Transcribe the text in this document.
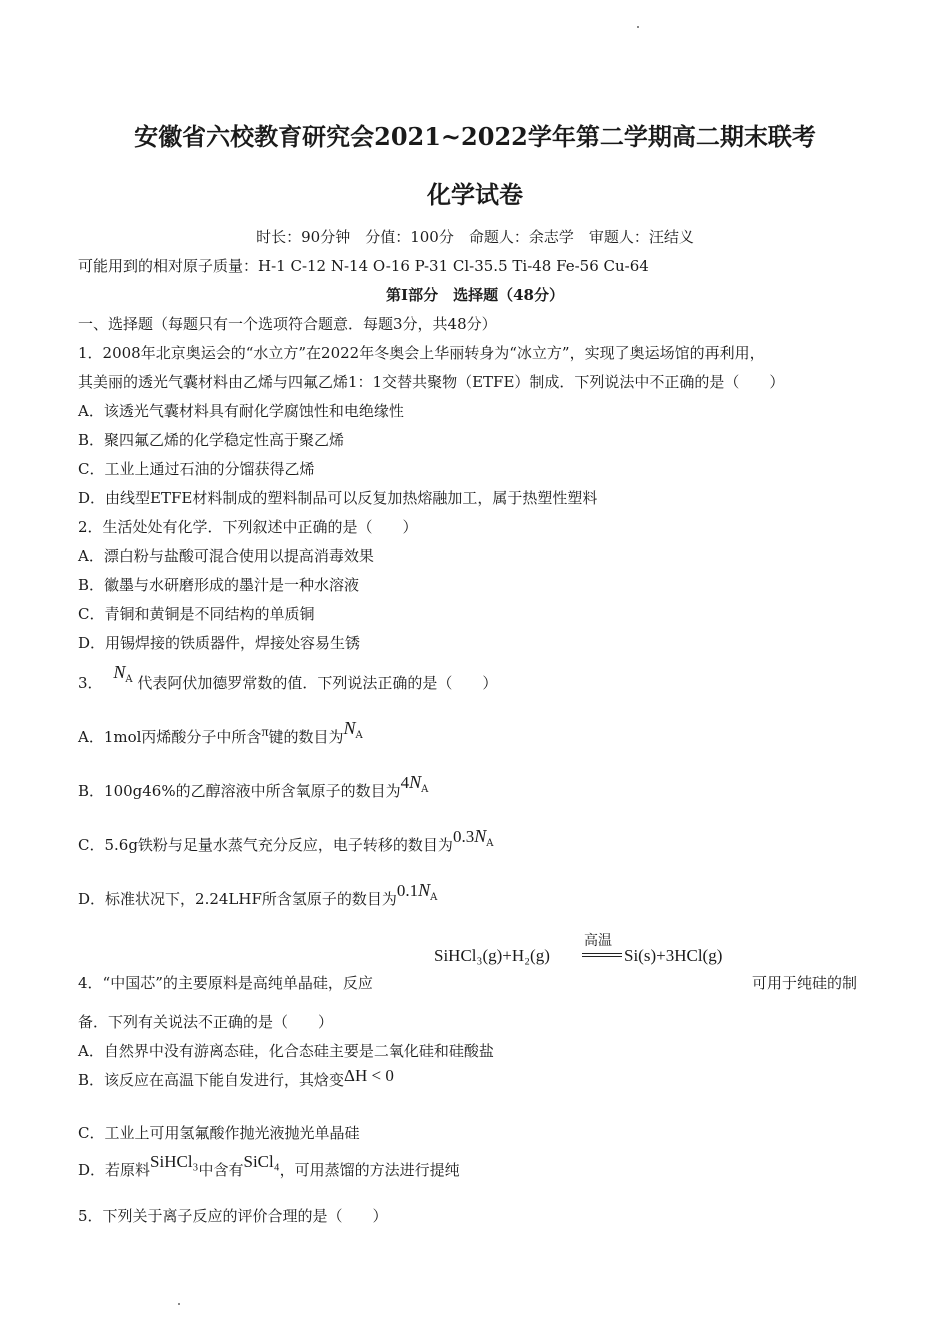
安徽省六校教育研究会2021~2022学年第二学期高二期末联考
化学试卷
时长：90分钟　分值：100分　命题人：余志学　审题人：汪结义
可能用到的相对原子质量：H-1 C-12 N-14 O-16 P-31 Cl-35.5 Ti-48 Fe-56 Cu-64
第I部分　选择题（48分）
一、选择题（每题只有一个选项符合题意．每题3分，共48分）
1．2008年北京奥运会的“水立方”在2022年冬奥会上华丽转身为“冰立方”，实现了奥运场馆的再利用，
其美丽的透光气囊材料由乙烯与四氟乙烯1：1交替共聚物（ETFE）制成．下列说法中不正确的是（　　）
A．该透光气囊材料具有耐化学腐蚀性和电绝缘性
B．聚四氟乙烯的化学稳定性高于聚乙烯
C．工业上通过石油的分馏获得乙烯
D．由线型ETFE材料制成的塑料制品可以反复加热熔融加工，属于热塑性塑料
2．生活处处有化学．下列叙述中正确的是（　　）
A．漂白粉与盐酸可混合使用以提高消毒效果
B．徽墨与水研磨形成的墨汁是一种水溶液
C．青铜和黄铜是不同结构的单质铜
D．用锡焊接的铁质器件，焊接处容易生锈
3． $N_A$ 代表阿伏加德罗常数的值．下列说法正确的是（　　）
A．1mol丙烯酸分子中所含π键的数目为$N_A$
B．100g46%的乙醇溶液中所含氧原子的数目为$4N_A$
C．5.6g铁粉与足量水蒸气充分反应，电子转移的数目为$0.3N_A$
D．标准状况下，2.24LHF所含氢原子的数目为$0.1N_A$
SiHCl₃(g)+H₂(g)
高温
Si(s)+3HCl(g)
4．“中国芯”的主要原料是高纯单晶硅，反应	可用于纯硅的制
备．下列有关说法不正确的是（　　）
A．自然界中没有游离态硅，化合态硅主要是二氧化硅和硅酸盐
B．该反应在高温下能自发进行，其焓变ΔH < 0
C．工业上可用氢氟酸作抛光液抛光单晶硅
D．若原料SiHCl₃中含有SiCl₄，可用蒸馏的方法进行提纯
5．下列关于离子反应的评价合理的是（　　）
